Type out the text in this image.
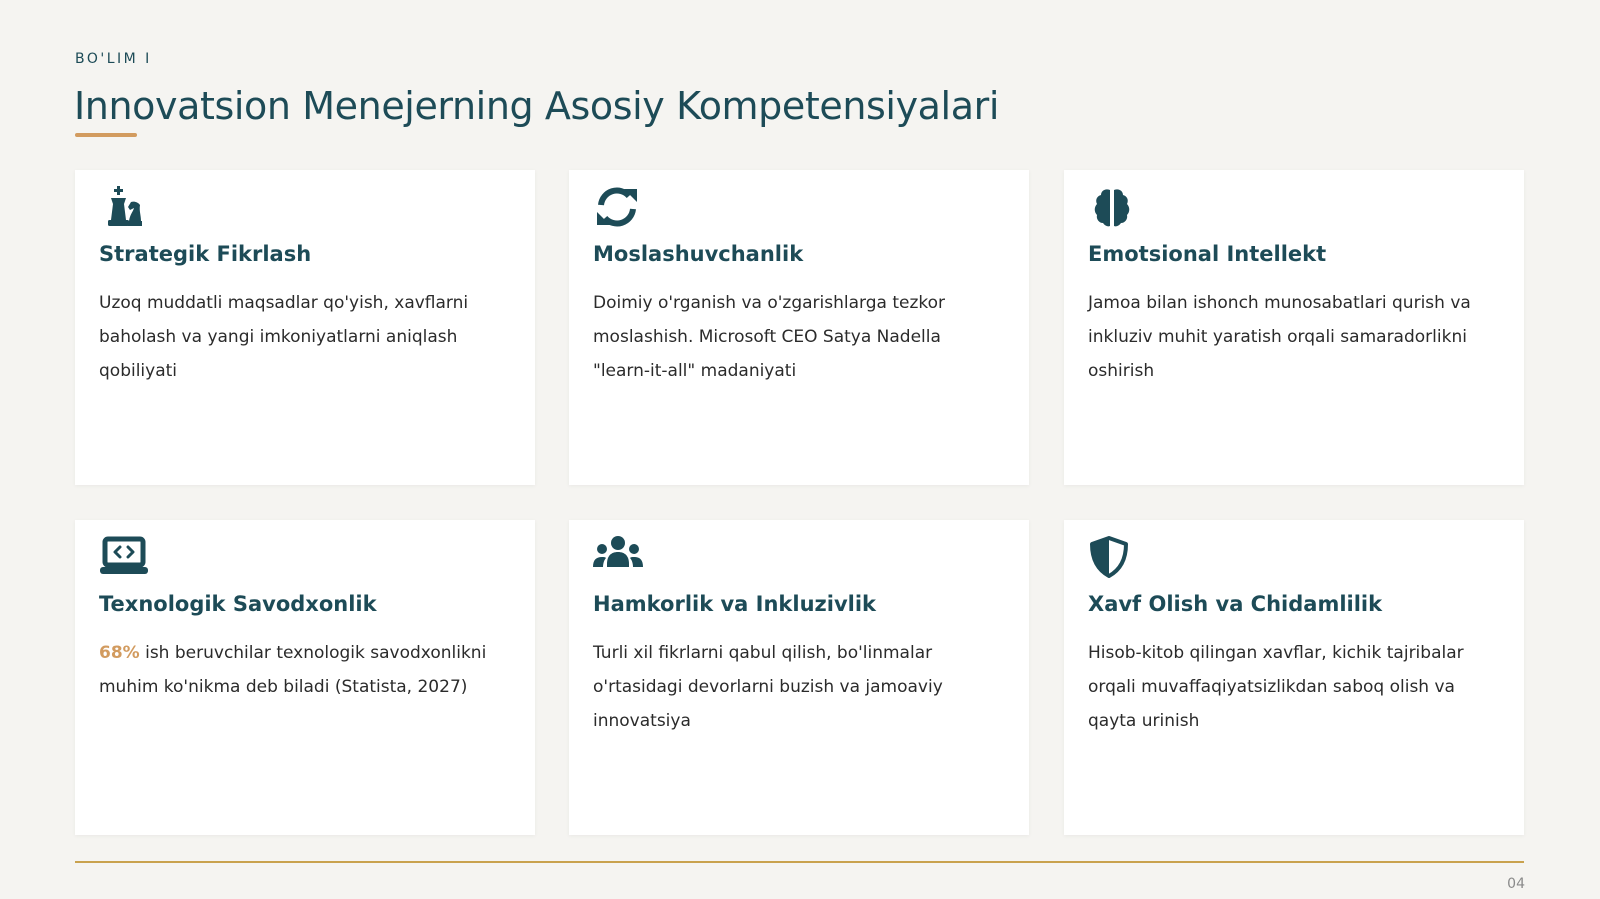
BO'LIM I
Innovatsion Menejerning Asosiy Kompetensiyalari
Strategik Fikrlash

Uzoq muddatli maqsadlar qo'yish, xavflarni baholash va yangi imkoniyatlarni aniqlash qobiliyati

Moslashuvchanlik

Doimiy o'rganish va o'zgarishlarga tezkor moslashish. Microsoft CEO Satya Nadella "learn-it-all" madaniyati

Emotsional Intellekt

Jamoa bilan ishonch munosabatlari qurish va inkluziv muhit yaratish orqali samaradorlikni oshirish

Texnologik Savodxonlik

68% ish beruvchilar texnologik savodxonlikni muhim ko'nikma deb biladi (Statista, 2027)

Hamkorlik va Inkluzivlik

Turli xil fikrlarni qabul qilish, bo'linmalar o'rtasidagi devorlarni buzish va jamoaviy innovatsiya

Xavf Olish va Chidamlilik

Hisob-kitob qilingan xavflar, kichik tajribalar orqali muvaffaqiyatsizlikdan saboq olish va qayta urinish

04
